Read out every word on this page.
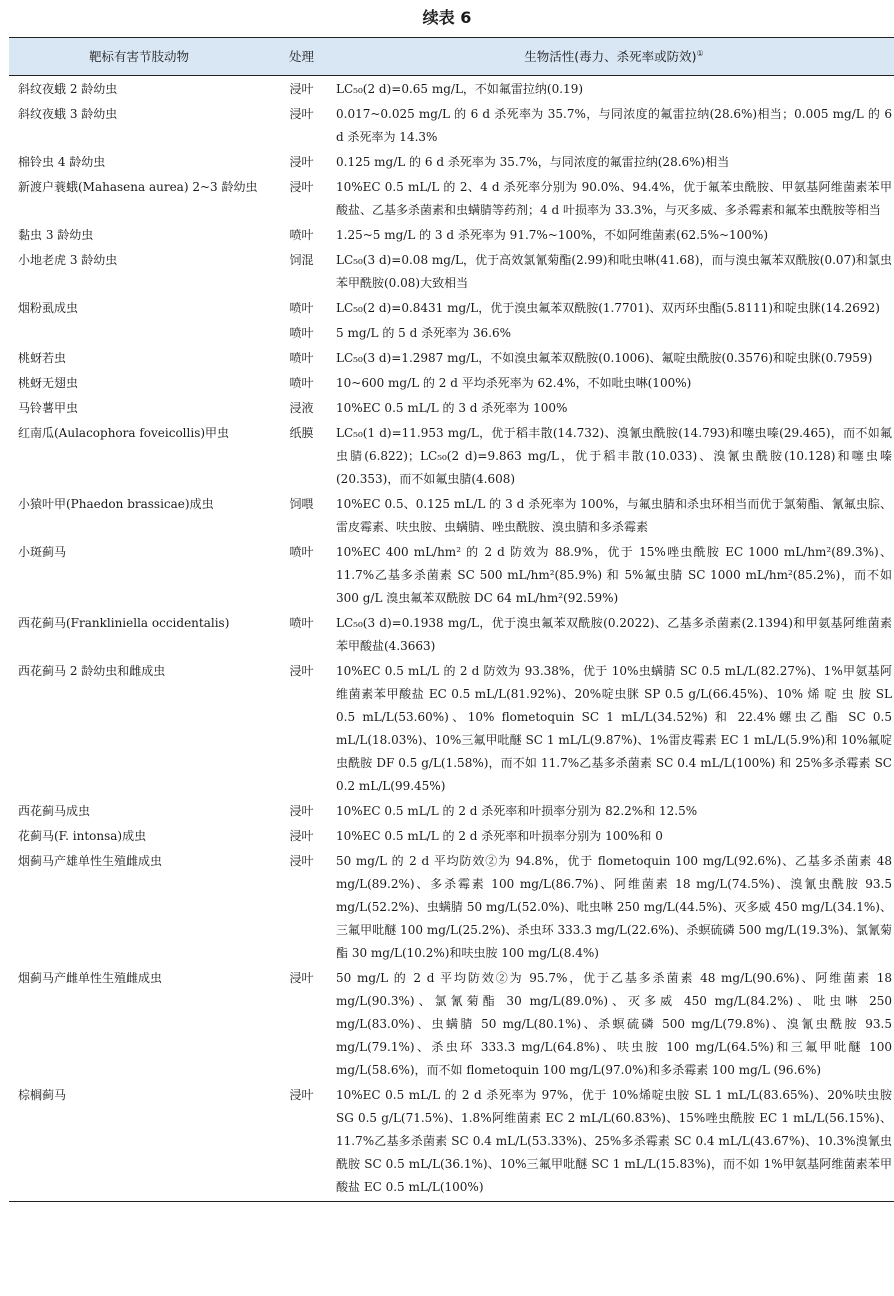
续表 6
靶标有害节肢动物	处理	生物活性(毒力、杀死率或防效)①
斜纹夜蛾 2 龄幼虫	浸叶	LC₅₀(2 d)=0.65 mg/L，不如氟雷拉纳(0.19)
斜纹夜蛾 3 龄幼虫	浸叶	0.017~0.025 mg/L 的 6 d 杀死率为 35.7%，与同浓度的氟雷拉纳(28.6%)相当；0.005 mg/L 的 6 d 杀死率为 14.3%
棉铃虫 4 龄幼虫	浸叶	0.125 mg/L 的 6 d 杀死率为 35.7%，与同浓度的氟雷拉纳(28.6%)相当
新渡户蓑蛾(Mahasena aurea) 2~3 龄幼虫	浸叶	10%EC 0.5 mL/L 的 2、4 d 杀死率分别为 90.0%、94.4%，优于氟苯虫酰胺、甲氨基阿维菌素苯甲酸盐、乙基多杀菌素和虫螨腈等药剂；4 d 叶损率为 33.3%，与灭多威、多杀霉素和氟苯虫酰胺等相当
黏虫 3 龄幼虫	喷叶	1.25~5 mg/L 的 3 d 杀死率为 91.7%~100%，不如阿维菌素(62.5%~100%)
小地老虎 3 龄幼虫	饲混	LC₅₀(3 d)=0.08 mg/L，优于高效氯氰菊酯(2.99)和吡虫啉(41.68)，而与溴虫氟苯双酰胺(0.07)和氯虫苯甲酰胺(0.08)大致相当
烟粉虱成虫	喷叶	LC₅₀(2 d)=0.8431 mg/L，优于溴虫氟苯双酰胺(1.7701)、双丙环虫酯(5.8111)和啶虫脒(14.2692)
	喷叶	5 mg/L 的 5 d 杀死率为 36.6%
桃蚜若虫	喷叶	LC₅₀(3 d)=1.2987 mg/L，不如溴虫氟苯双酰胺(0.1006)、氟啶虫酰胺(0.3576)和啶虫脒(0.7959)
桃蚜无翅虫	喷叶	10~600 mg/L 的 2 d 平均杀死率为 62.4%，不如吡虫啉(100%)
马铃薯甲虫	浸液	10%EC 0.5 mL/L 的 3 d 杀死率为 100%
红南瓜(Aulacophora foveicollis)甲虫	纸膜	LC₅₀(1 d)=11.953 mg/L，优于稻丰散(14.732)、溴氰虫酰胺(14.793)和噻虫嗪(29.465)，而不如氟虫腈(6.822)；LC₅₀(2 d)=9.863 mg/L，优于稻丰散(10.033)、溴氰虫酰胺(10.128)和噻虫嗪(20.353)，而不如氟虫腈(4.608)
小猿叶甲(Phaedon brassicae)成虫	饲喂	10%EC 0.5、0.125 mL/L 的 3 d 杀死率为 100%，与氟虫腈和杀虫环相当而优于氯菊酯、氰氟虫腙、雷皮霉素、呋虫胺、虫螨腈、唑虫酰胺、溴虫腈和多杀霉素
小斑蓟马	喷叶	10%EC 400 mL/hm² 的 2 d 防效为 88.9%，优于 15%唑虫酰胺 EC 1000 mL/hm²(89.3%)、11.7%乙基多杀菌素 SC 500 mL/hm²(85.9%) 和 5%氟虫腈 SC 1000 mL/hm²(85.2%)，而不如 300 g/L 溴虫氟苯双酰胺 DC 64 mL/hm²(92.59%)
西花蓟马(Frankliniella occidentalis)	喷叶	LC₅₀(3 d)=0.1938 mg/L，优于溴虫氟苯双酰胺(0.2022)、乙基多杀菌素(2.1394)和甲氨基阿维菌素苯甲酸盐(4.3663)
西花蓟马 2 龄幼虫和雌成虫	浸叶	10%EC 0.5 mL/L 的 2 d 防效为 93.38%，优于 10%虫螨腈 SC 0.5 mL/L(82.27%)、1%甲氨基阿维菌素苯甲酸盐 EC 0.5 mL/L(81.92%)、20%啶虫脒 SP 0.5 g/L(66.45%)、10% 烯 啶 虫 胺 SL 0.5 mL/L(53.60%)、10% flometoquin SC 1 mL/L(34.52%) 和 22.4%螺虫乙酯 SC 0.5 mL/L(18.03%)、10%三氟甲吡醚 SC 1 mL/L(9.87%)、1%雷皮霉素 EC 1 mL/L(5.9%)和 10%氟啶虫酰胺 DF 0.5 g/L(1.58%)，而不如 11.7%乙基多杀菌素 SC 0.4 mL/L(100%) 和 25%多杀霉素 SC 0.2 mL/L(99.45%)
西花蓟马成虫	浸叶	10%EC 0.5 mL/L 的 2 d 杀死率和叶损率分别为 82.2%和 12.5%
花蓟马(F. intonsa)成虫	浸叶	10%EC 0.5 mL/L 的 2 d 杀死率和叶损率分别为 100%和 0
烟蓟马产雄单性生殖雌成虫	浸叶	50 mg/L 的 2 d 平均防效②为 94.8%，优于 flometoquin 100 mg/L(92.6%)、乙基多杀菌素 48 mg/L(89.2%)、多杀霉素 100 mg/L(86.7%)、阿维菌素 18 mg/L(74.5%)、溴氰虫酰胺 93.5 mg/L(52.2%)、虫螨腈 50 mg/L(52.0%)、吡虫啉 250 mg/L(44.5%)、灭多威 450 mg/L(34.1%)、三氟甲吡醚 100 mg/L(25.2%)、杀虫环 333.3 mg/L(22.6%)、杀螟硫磷 500 mg/L(19.3%)、氯氰菊酯 30 mg/L(10.2%)和呋虫胺 100 mg/L(8.4%)
烟蓟马产雌单性生殖雌成虫	浸叶	50 mg/L 的 2 d 平均防效②为 95.7%，优于乙基多杀菌素 48 mg/L(90.6%)、阿维菌素 18 mg/L(90.3%)、氯氰菊酯 30 mg/L(89.0%)、灭多威 450 mg/L(84.2%)、吡虫啉 250 mg/L(83.0%)、虫螨腈 50 mg/L(80.1%)、杀螟硫磷 500 mg/L(79.8%)、溴氰虫酰胺 93.5 mg/L(79.1%)、杀虫环 333.3 mg/L(64.8%)、呋虫胺 100 mg/L(64.5%)和三氟甲吡醚 100 mg/L(58.6%)，而不如 flometoquin 100 mg/L(97.0%)和多杀霉素 100 mg/L (96.6%)
棕榈蓟马	浸叶	10%EC 0.5 mL/L 的 2 d 杀死率为 97%，优于 10%烯啶虫胺 SL 1 mL/L(83.65%)、20%呋虫胺 SG 0.5 g/L(71.5%)、1.8%阿维菌素 EC 2 mL/L(60.83%)、15%唑虫酰胺 EC 1 mL/L(56.15%)、11.7%乙基多杀菌素 SC 0.4 mL/L(53.33%)、25%多杀霉素 SC 0.4 mL/L(43.67%)、10.3%溴氰虫酰胺 SC 0.5 mL/L(36.1%)、10%三氟甲吡醚 SC 1 mL/L(15.83%)，而不如 1%甲氨基阿维菌素苯甲酸盐 EC 0.5 mL/L(100%)
